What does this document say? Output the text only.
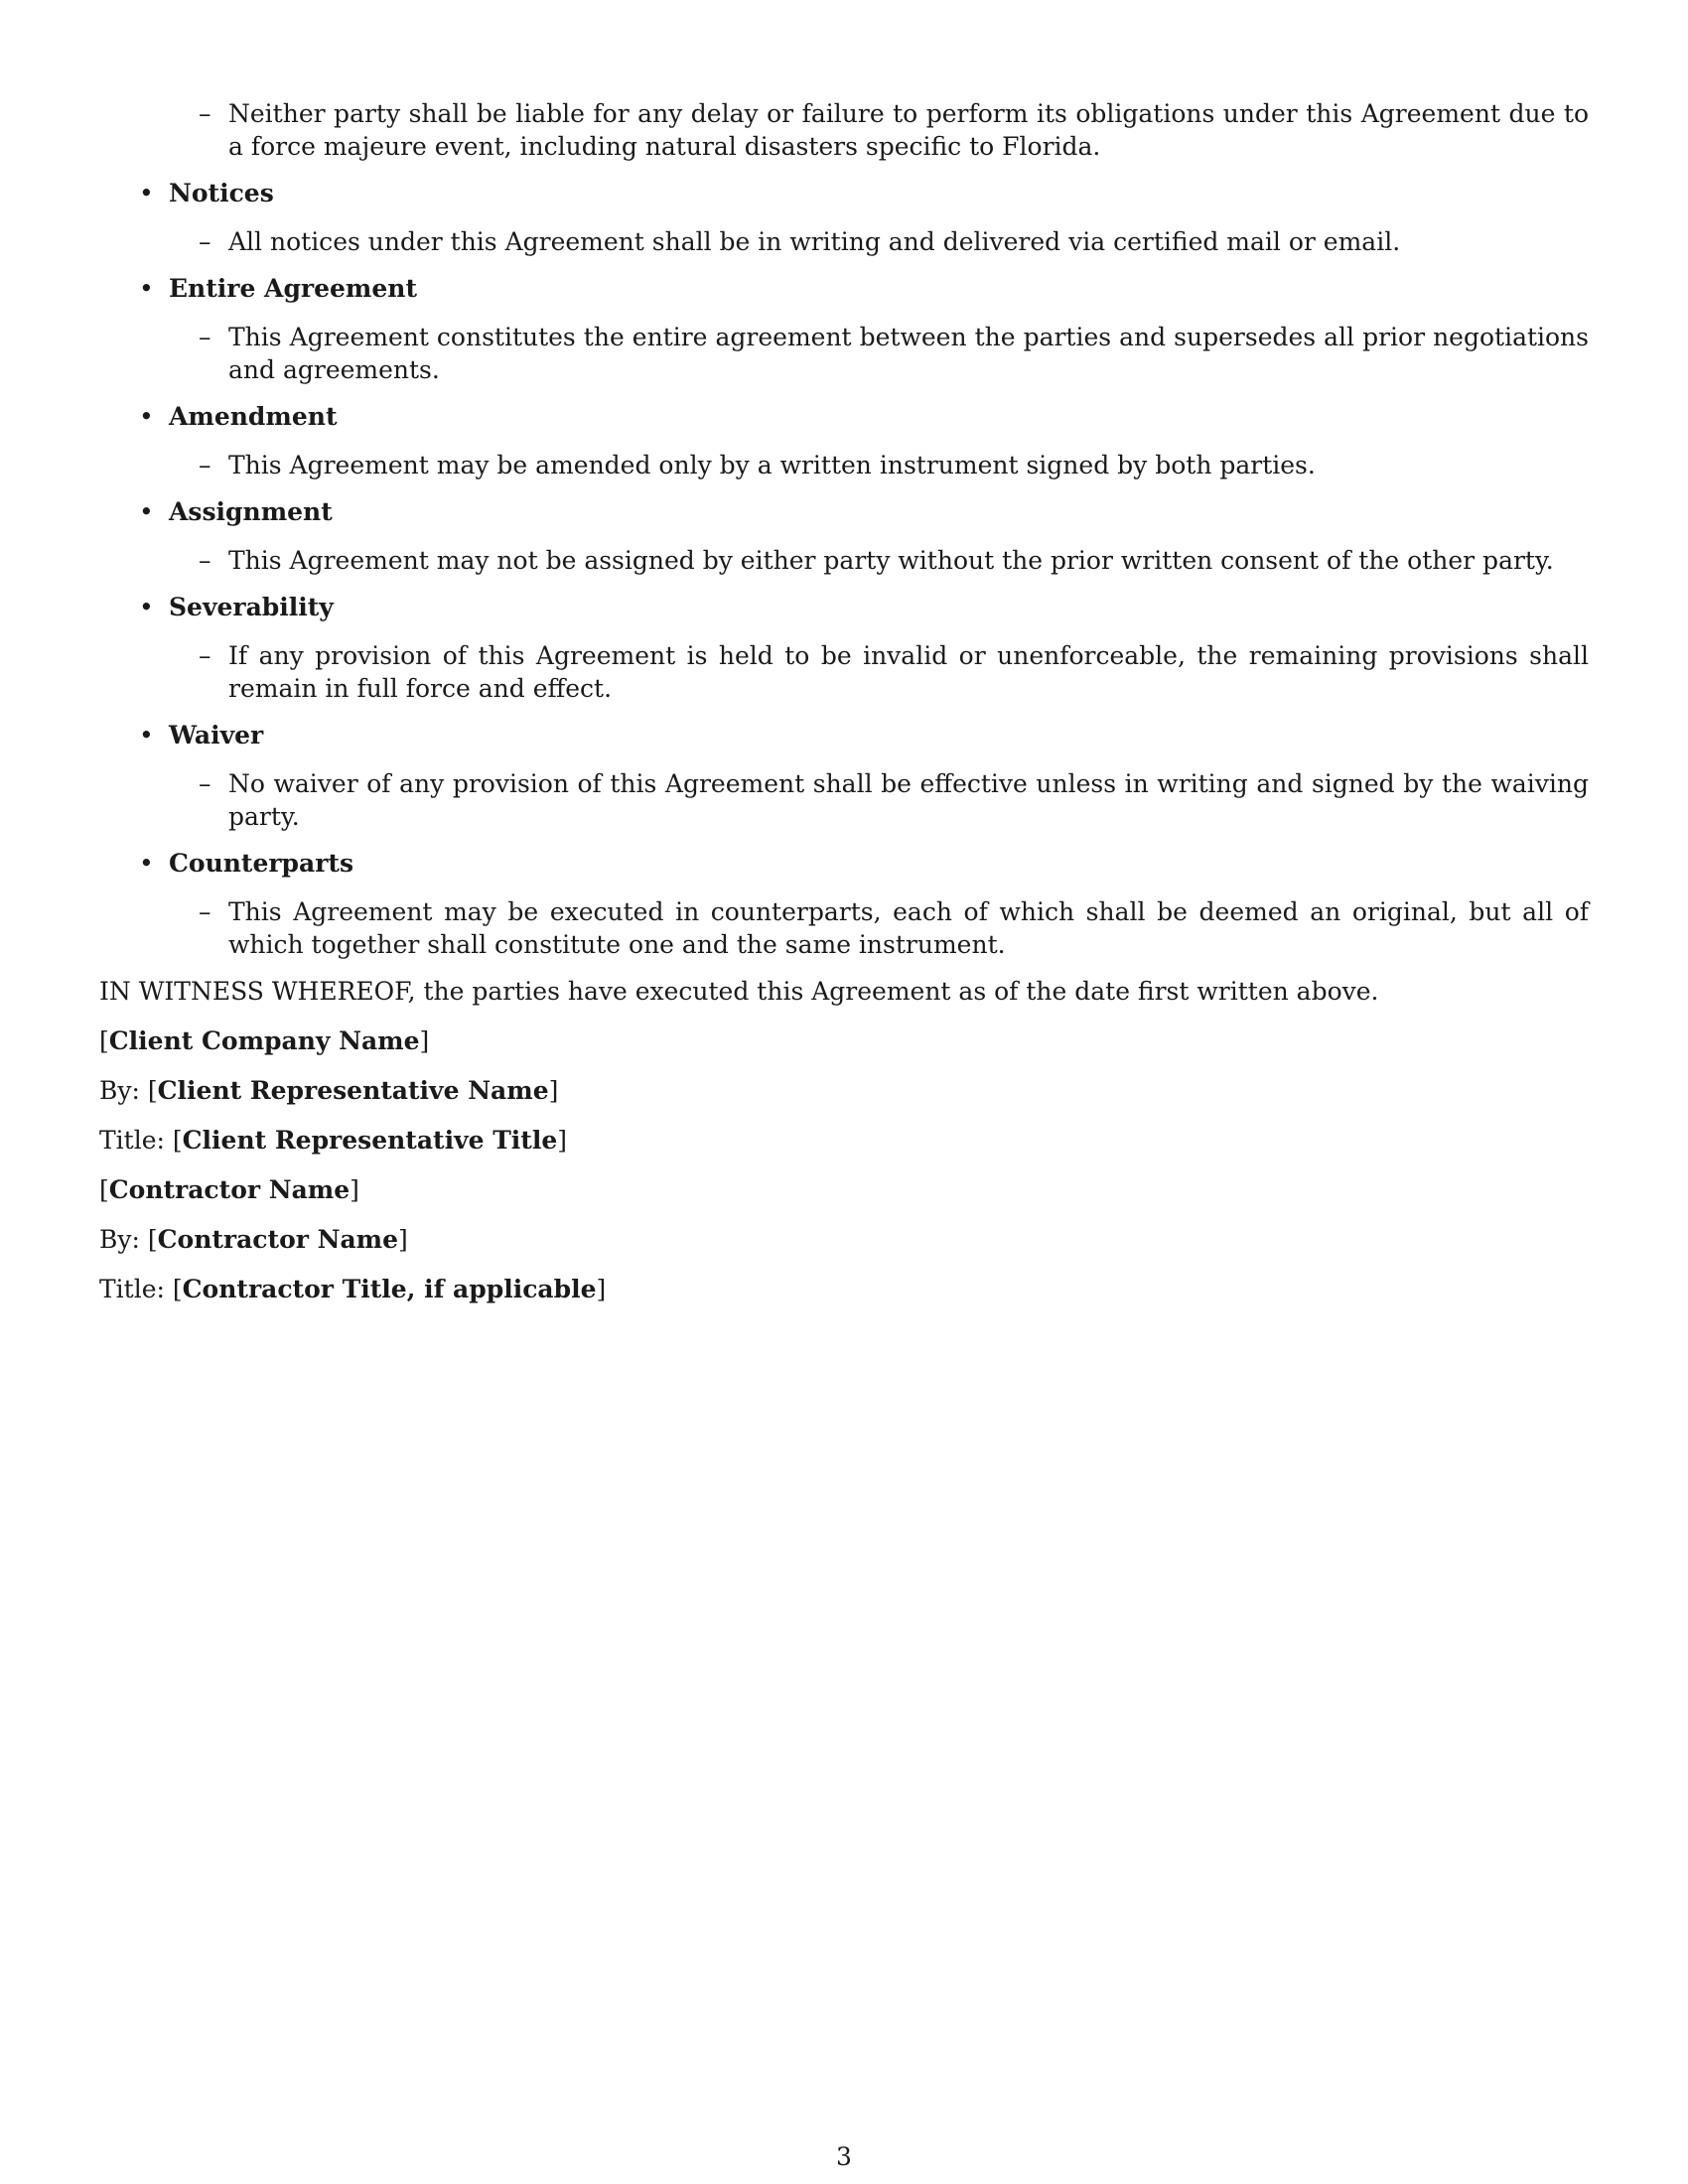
– Neither party shall be liable for any delay or failure to perform its obligations under this Agreement due to a force majeure event, including natural disasters specific to Florida.
• Notices
– All notices under this Agreement shall be in writing and delivered via certified mail or email.
• Entire Agreement
– This Agreement constitutes the entire agreement between the parties and supersedes all prior negotiations and agreements.
• Amendment
– This Agreement may be amended only by a written instrument signed by both parties.
• Assignment
– This Agreement may not be assigned by either party without the prior written consent of the other party.
• Severability
– If any provision of this Agreement is held to be invalid or unenforceable, the remaining provisions shall remain in full force and effect.
• Waiver
– No waiver of any provision of this Agreement shall be effective unless in writing and signed by the waiving party.
• Counterparts
– This Agreement may be executed in counterparts, each of which shall be deemed an original, but all of which together shall constitute one and the same instrument.

IN WITNESS WHEREOF, the parties have executed this Agreement as of the date first written above.

[Client Company Name]

By: [Client Representative Name]

Title: [Client Representative Title]

[Contractor Name]

By: [Contractor Name]

Title: [Contractor Title, if applicable]

3
